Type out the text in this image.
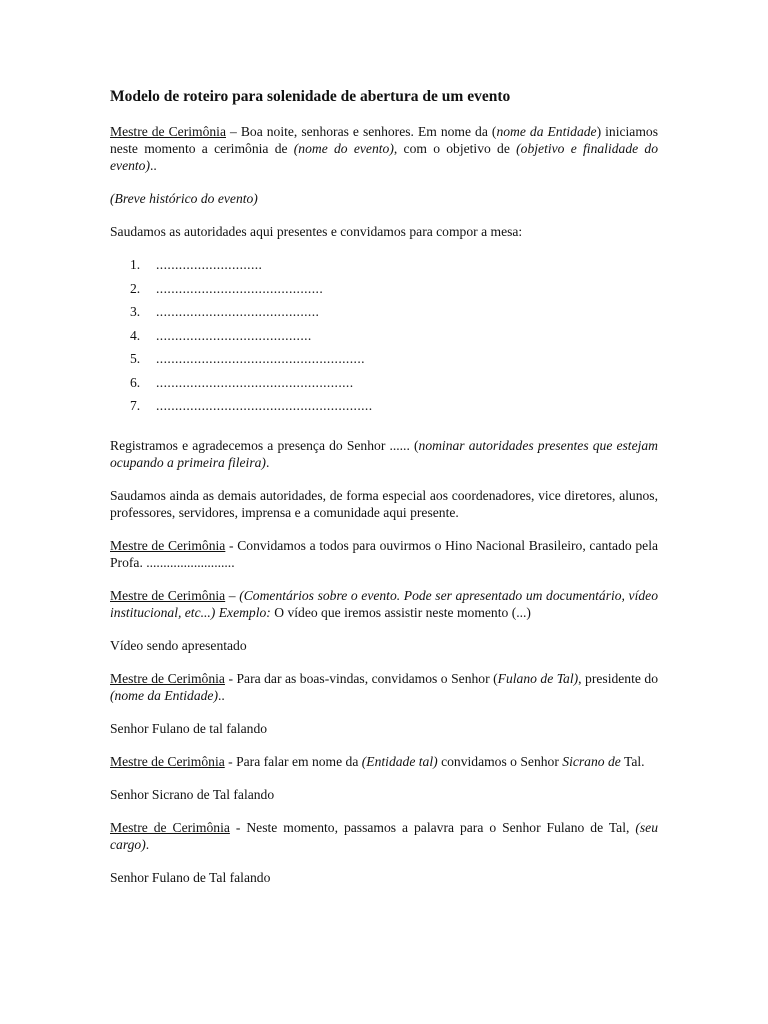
Modelo de roteiro para solenidade de abertura de um evento

Mestre de Cerimônia – Boa noite, senhoras e senhores. Em nome da (nome da Entidade) iniciamos neste momento a cerimônia de (nome do evento), com o objetivo de (objetivo e finalidade do evento)..

(Breve histórico do evento)

Saudamos as autoridades aqui presentes e convidamos para compor a mesa:

1. ............................
2. ............................................
3. ...........................................
4. .........................................
5. .......................................................
6. ....................................................
7. .........................................................

Registramos e agradecemos a presença do Senhor ...... (nominar autoridades presentes que estejam ocupando a primeira fileira).

Saudamos ainda as demais autoridades, de forma especial aos coordenadores, vice diretores, alunos, professores, servidores, imprensa e a comunidade aqui presente.

Mestre de Cerimônia - Convidamos a todos para ouvirmos o Hino Nacional Brasileiro, cantado pela Profa. ..........................

Mestre de Cerimônia – (Comentários sobre o evento. Pode ser apresentado um documentário, vídeo institucional, etc...) Exemplo: O vídeo que iremos assistir neste momento (...)

Vídeo sendo apresentado

Mestre de Cerimônia - Para dar as boas-vindas, convidamos o Senhor (Fulano de Tal), presidente do (nome da Entidade)..

Senhor Fulano de tal falando

Mestre de Cerimônia - Para falar em nome da (Entidade tal) convidamos o Senhor Sicrano de Tal.

Senhor Sicrano de Tal falando

Mestre de Cerimônia - Neste momento, passamos a palavra para o Senhor Fulano de Tal, (seu cargo).

Senhor Fulano de Tal falando
